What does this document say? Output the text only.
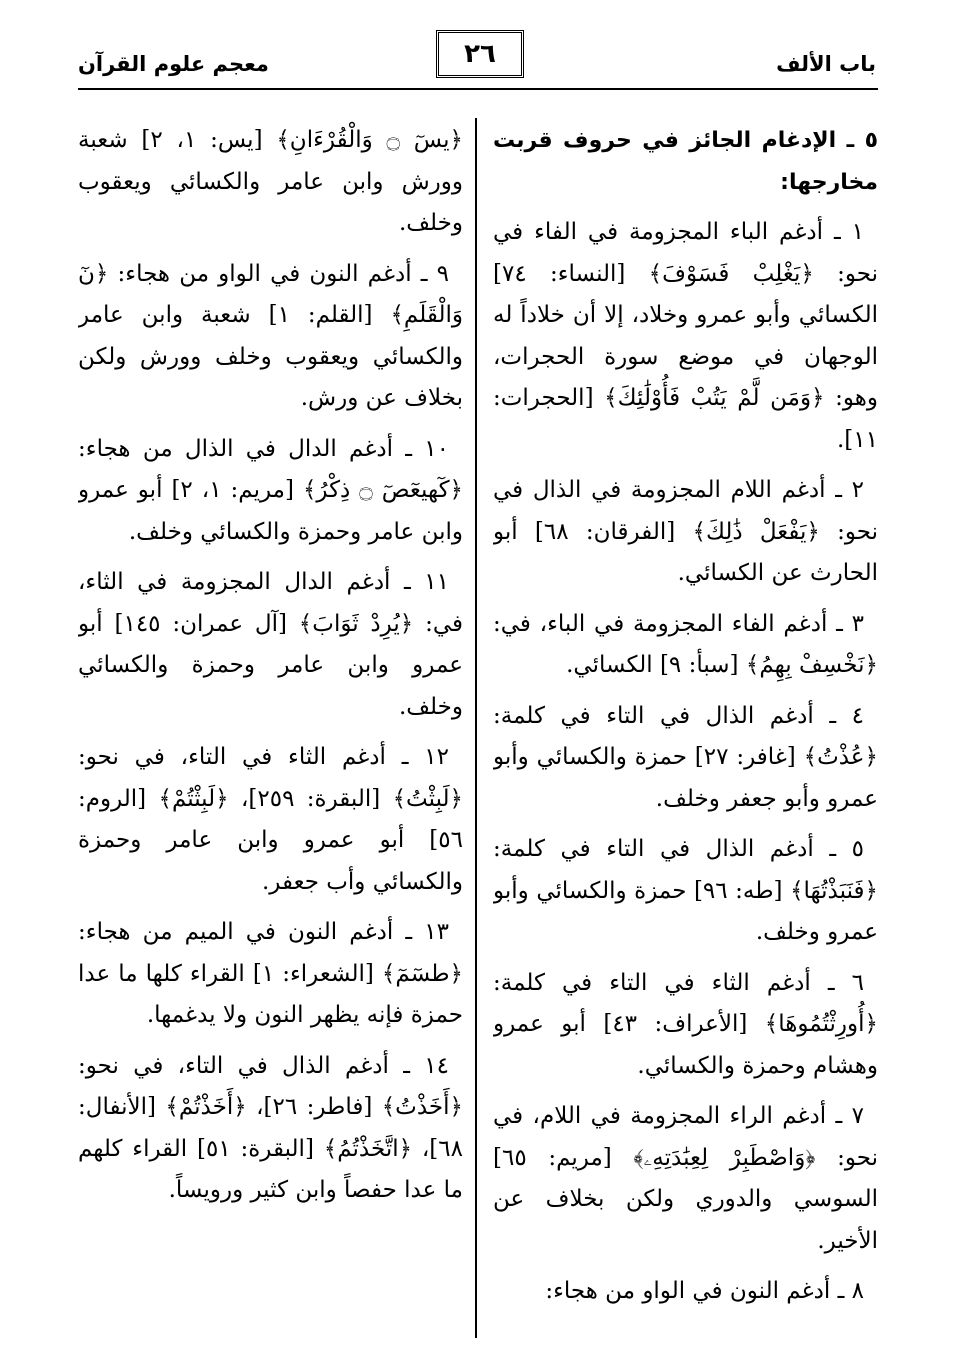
باب الألف
٢٦
معجم علوم القرآن

٥ ـ الإدغام الجائز في حروف قربت مخارجها:

١ ـ أدغم الباء المجزومة في الفاء في نحو: ﴿يَغْلِبْ فَسَوْفَ﴾ [النساء: ٧٤] الكسائي وأبو عمرو وخلاد، إلا أن خلاداً له الوجهان في موضع سورة الحجرات، وهو: ﴿وَمَن لَّمْ يَتُبْ فَأُوْلَٰئِكَ﴾ [الحجرات: ١١].

٢ ـ أدغم اللام المجزومة في الذال في نحو: ﴿يَفْعَلْ ذَٰلِكَ﴾ [الفرقان: ٦٨] أبو الحارث عن الكسائي.

٣ ـ أدغم الفاء المجزومة في الباء، في: ﴿نَخْسِفْ بِهِمُ﴾ [سبأ: ٩] الكسائي.

٤ ـ أدغم الذال في التاء في كلمة: ﴿عُذْتُ﴾ [غافر: ٢٧] حمزة والكسائي وأبو عمرو وأبو جعفر وخلف.

٥ ـ أدغم الذال في التاء في كلمة: ﴿فَنَبَذْتُهَا﴾ [طه: ٩٦] حمزة والكسائي وأبو عمرو وخلف.

٦ ـ أدغم الثاء في التاء في كلمة: ﴿أُورِثْتُمُوهَا﴾ [الأعراف: ٤٣] أبو عمرو وهشام وحمزة والكسائي.

٧ ـ أدغم الراء المجزومة في اللام، في نحو: ﴿وَاصْطَبِرْ لِعِبَٰدَتِهِۦ﴾ [مريم: ٦٥] السوسي والدوري ولكن بخلاف عن الأخير.

٨ ـ أدغم النون في الواو من هجاء:

﴿يسٓ ۝ وَالْقُرْءَانِ﴾ [يس: ١، ٢] شعبة وورش وابن عامر والكسائي ويعقوب وخلف.

٩ ـ أدغم النون في الواو من هجاء: ﴿نٓ وَالْقَلَمِ﴾ [القلم: ١] شعبة وابن عامر والكسائي ويعقوب وخلف وورش ولكن بخلاف عن ورش.

١٠ ـ أدغم الدال في الذال من هجاء: ﴿كٓهيعٓصٓ ۝ ذِكْرُ﴾ [مريم: ١، ٢] أبو عمرو وابن عامر وحمزة والكسائي وخلف.

١١ ـ أدغم الدال المجزومة في الثاء، في: ﴿يُرِدْ ثَوَابَ﴾ [آل عمران: ١٤٥] أبو عمرو وابن عامر وحمزة والكسائي وخلف.

١٢ ـ أدغم الثاء في التاء، في نحو: ﴿لَبِثْتُ﴾ [البقرة: ٢٥٩]، ﴿لَبِثْتُمْ﴾ [الروم: ٥٦] أبو عمرو وابن عامر وحمزة والكسائي وأب جعفر.

١٣ ـ أدغم النون في الميم من هجاء: ﴿طسٓمٓ﴾ [الشعراء: ١] القراء كلها ما عدا حمزة فإنه يظهر النون ولا يدغمها.

١٤ ـ أدغم الذال في التاء، في نحو: ﴿أَخَذْتُ﴾ [فاطر: ٢٦]، ﴿أَخَذْتُمْ﴾ [الأنفال: ٦٨]، ﴿اتَّخَذْتُمُ﴾ [البقرة: ٥١] القراء كلهم ما عدا حفصاً وابن كثير ورويساً.
